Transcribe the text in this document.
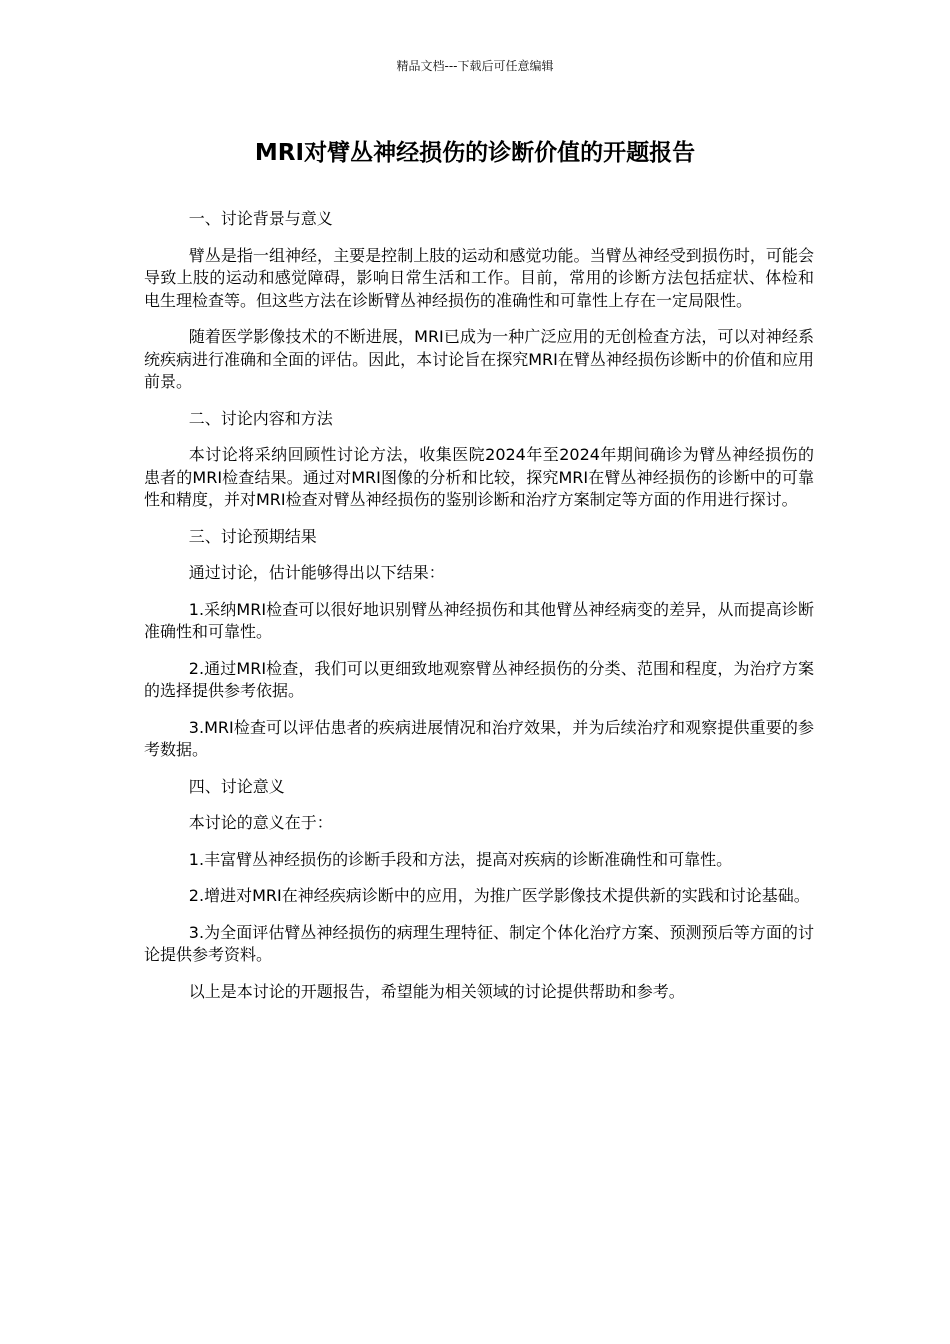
精品文档---下载后可任意编辑
MRI对臂丛神经损伤的诊断价值的开题报告

一、讨论背景与意义

臂丛是指一组神经，主要是控制上肢的运动和感觉功能。当臂丛神经受到损伤时，可能会导致上肢的运动和感觉障碍，影响日常生活和工作。目前，常用的诊断方法包括症状、体检和电生理检查等。但这些方法在诊断臂丛神经损伤的准确性和可靠性上存在一定局限性。

随着医学影像技术的不断进展，MRI已成为一种广泛应用的无创检查方法，可以对神经系统疾病进行准确和全面的评估。因此，本讨论旨在探究MRI在臂丛神经损伤诊断中的价值和应用前景。

二、讨论内容和方法

本讨论将采纳回顾性讨论方法，收集医院2024年至2024年期间确诊为臂丛神经损伤的患者的MRI检查结果。通过对MRI图像的分析和比较，探究MRI在臂丛神经损伤的诊断中的可靠性和精度，并对MRI检查对臂丛神经损伤的鉴别诊断和治疗方案制定等方面的作用进行探讨。

三、讨论预期结果

通过讨论，估计能够得出以下结果：

1.采纳MRI检查可以很好地识别臂丛神经损伤和其他臂丛神经病变的差异，从而提高诊断准确性和可靠性。

2.通过MRI检查，我们可以更细致地观察臂丛神经损伤的分类、范围和程度，为治疗方案的选择提供参考依据。

3.MRI检查可以评估患者的疾病进展情况和治疗效果，并为后续治疗和观察提供重要的参考数据。

四、讨论意义

本讨论的意义在于：

1.丰富臂丛神经损伤的诊断手段和方法，提高对疾病的诊断准确性和可靠性。

2.增进对MRI在神经疾病诊断中的应用，为推广医学影像技术提供新的实践和讨论基础。

3.为全面评估臂丛神经损伤的病理生理特征、制定个体化治疗方案、预测预后等方面的讨论提供参考资料。

以上是本讨论的开题报告，希望能为相关领域的讨论提供帮助和参考。
